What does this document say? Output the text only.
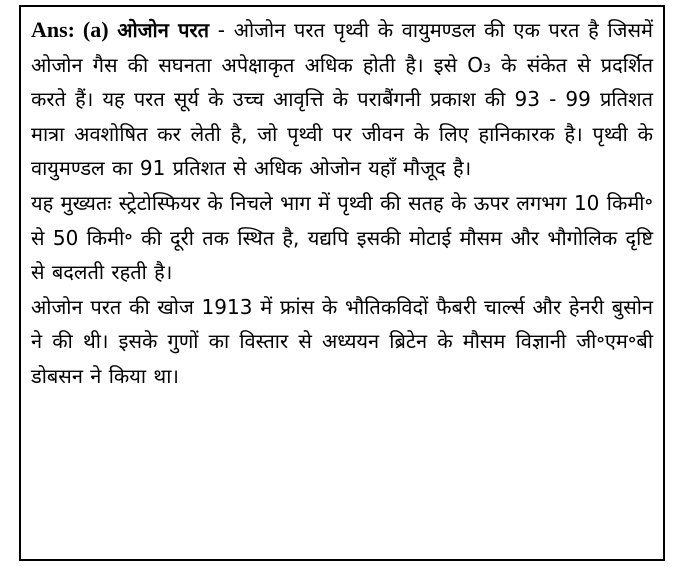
Ans: (a) ओजोन परत - ओजोन परत पृथ्वी के वायुमण्डल की एक परत है जिसमें ओजोन गैस की सघनता अपेक्षाकृत अधिक होती है। इसे O₃ के संकेत से प्रदर्शित करते हैं। यह परत सूर्य के उच्च आवृत्ति के पराबैंगनी प्रकाश की 93 - 99 प्रतिशत मात्रा अवशोषित कर लेती है, जो पृथ्वी पर जीवन के लिए हानिकारक है। पृथ्वी के वायुमण्डल का 91 प्रतिशत से अधिक ओजोन यहाँ मौजूद है।

यह मुख्यतः स्ट्रेटोस्फियर के निचले भाग में पृथ्वी की सतह के ऊपर लगभग 10 किमी॰ से 50 किमी॰ की दूरी तक स्थित है, यद्यपि इसकी मोटाई मौसम और भौगोलिक दृष्टि से बदलती रहती है।

ओजोन परत की खोज 1913 में फ्रांस के भौतिकविदों फैबरी चार्ल्स और हेनरी बुसोन ने की थी। इसके गुणों का विस्तार से अध्ययन ब्रिटेन के मौसम विज्ञानी जी॰एम॰बी डोबसन ने किया था।
